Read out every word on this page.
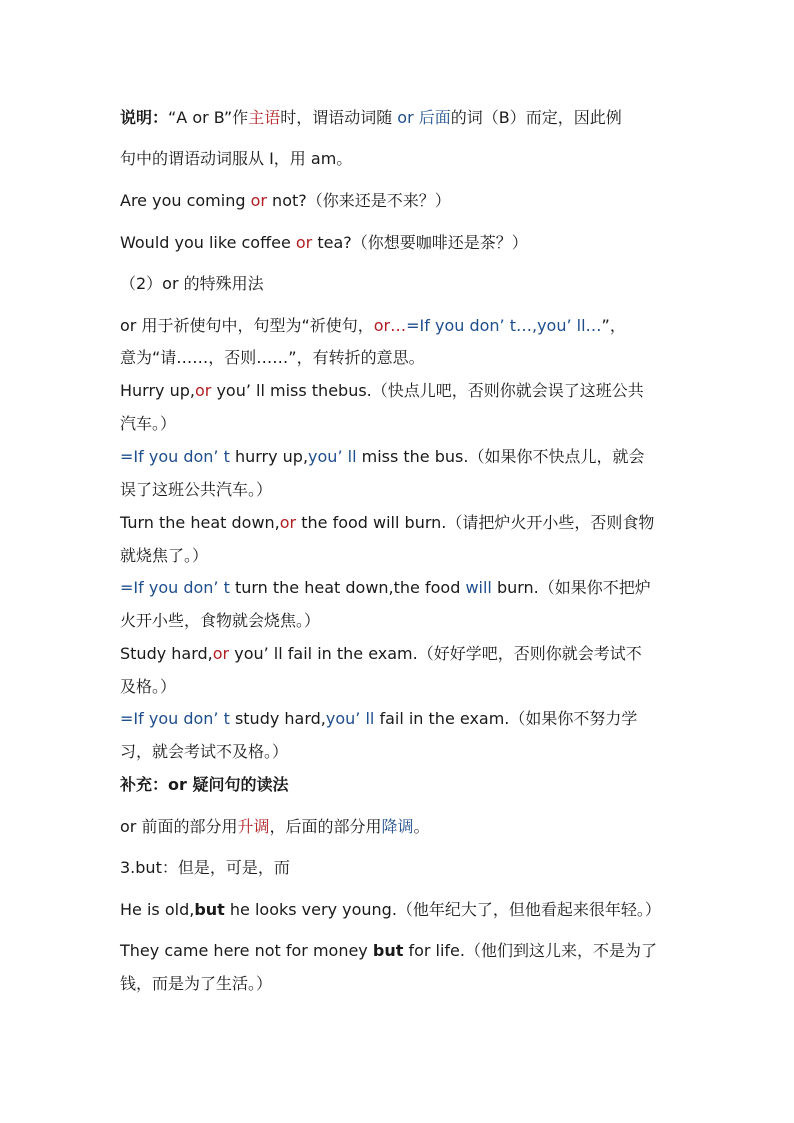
说明：“A or B”作主语时，谓语动词随 or 后面的词（B）而定，因此例
句中的谓语动词服从 I，用 am。
Are you coming or not?（你来还是不来？）
Would you like coffee or tea?（你想要咖啡还是茶？）
（2）or 的特殊用法
or 用于祈使句中，句型为“祈使句，or…=If you don’ t…,you’ ll…”，
意为“请……，否则……”，有转折的意思。
Hurry up,or you’ ll miss thebus.（快点儿吧，否则你就会误了这班公共
汽车。）
=If you don’ t hurry up,you’ ll miss the bus.（如果你不快点儿，就会
误了这班公共汽车。）
Turn the heat down,or the food will burn.（请把炉火开小些，否则食物
就烧焦了。）
=If you don’ t turn the heat down,the food will burn.（如果你不把炉
火开小些，食物就会烧焦。）
Study hard,or you’ ll fail in the exam.（好好学吧，否则你就会考试不
及格。）
=If you don’ t study hard,you’ ll fail in the exam.（如果你不努力学
习，就会考试不及格。）
补充：or 疑问句的读法
or 前面的部分用升调，后面的部分用降调。
3.but：但是，可是，而
He is old,but he looks very young.（他年纪大了，但他看起来很年轻。）
They came here not for money but for life.（他们到这儿来，不是为了
钱，而是为了生活。）
